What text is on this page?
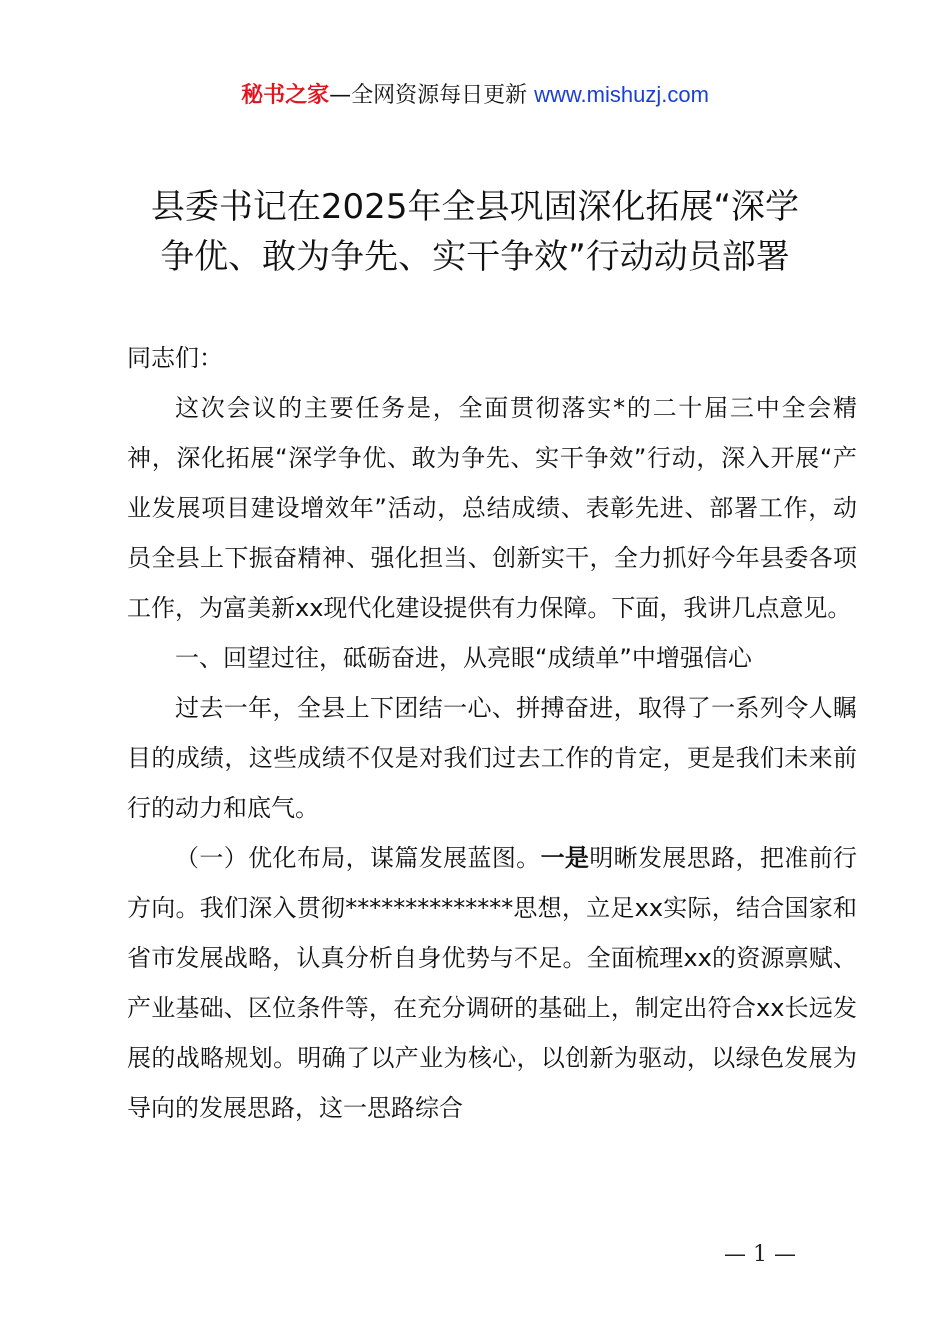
秘书之家—全网资源每日更新 www.mishuzj.com
县委书记在2025年全县巩固深化拓展“深学
争优、敢为争先、实干争效”行动动员部署

同志们：

这次会议的主要任务是，全面贯彻落实*的二十届三中全会精神，深化拓展“深学争优、敢为争先、实干争效”行动，深入开展“产业发展项目建设增效年”活动，总结成绩、表彰先进、部署工作，动员全县上下振奋精神、强化担当、创新实干，全力抓好今年县委各项工作，为富美新xx现代化建设提供有力保障。下面，我讲几点意见。

一、回望过往，砥砺奋进，从亮眼“成绩单”中增强信心

过去一年，全县上下团结一心、拼搏奋进，取得了一系列令人瞩目的成绩，这些成绩不仅是对我们过去工作的肯定，更是我们未来前行的动力和底气。

（一）优化布局，谋篇发展蓝图。一是明晰发展思路，把准前行方向。我们深入贯彻**************思想，立足xx实际，结合国家和省市发展战略，认真分析自身优势与不足。全面梳理xx的资源禀赋、产业基础、区位条件等，在充分调研的基础上，制定出符合xx长远发展的战略规划。明确了以产业为核心，以创新为驱动，以绿色发展为导向的发展思路，这一思路综合

— 1 —
